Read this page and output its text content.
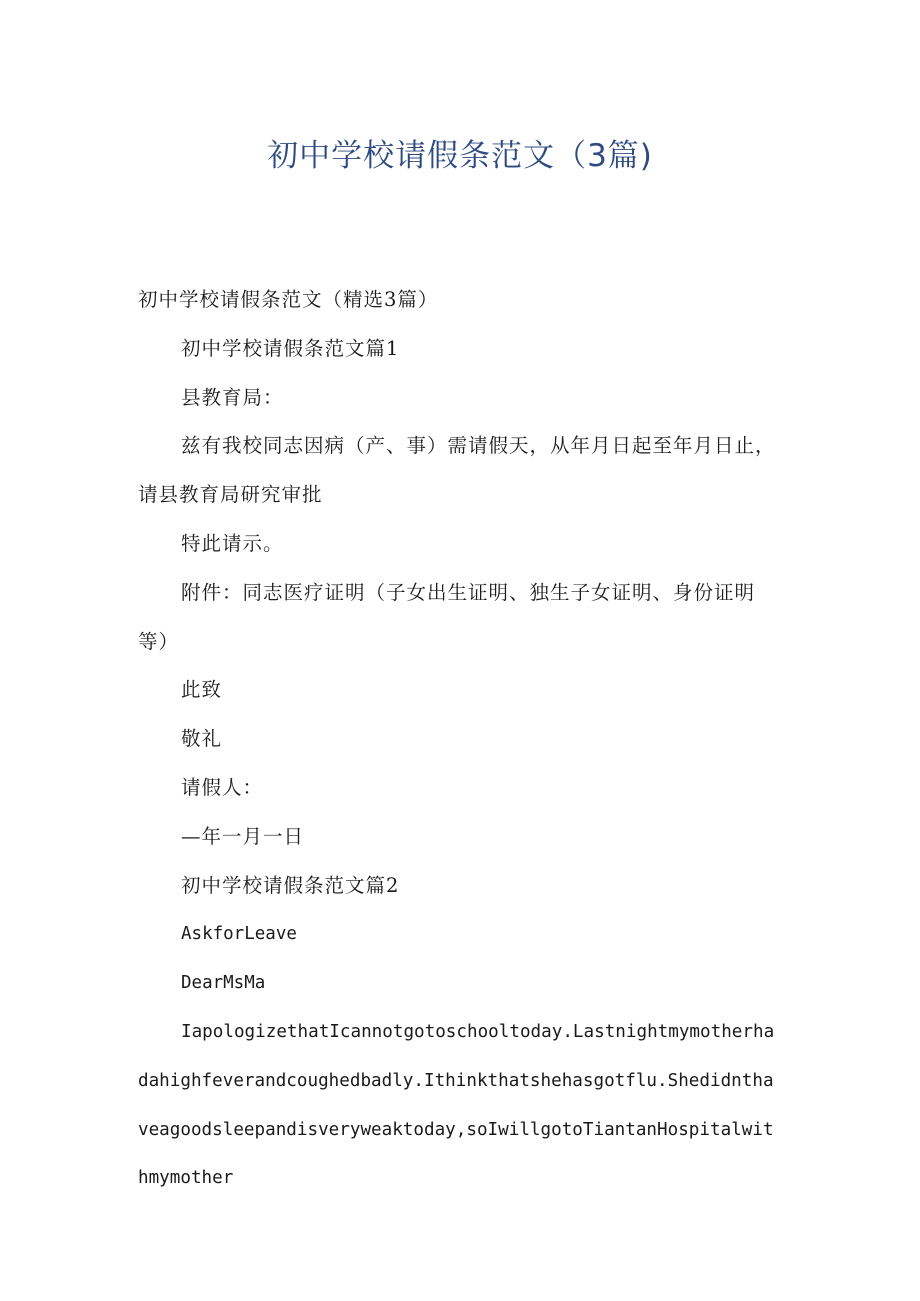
初中学校请假条范文（3篇)

初中学校请假条范文（精选3篇）

初中学校请假条范文篇1

县教育局：

兹有我校同志因病（产、事）需请假天，从年月日起至年月日止，请县教育局研究审批

特此请示。

附件：同志医疗证明（子女出生证明、独生子女证明、身份证明等）

此致

敬礼

请假人：

—年一月一日

初中学校请假条范文篇2

AskforLeave

DearMsMa

IapologizethatIcannotgotoschooltoday.Lastnightmymotherhadahighfeverandcoughedbadly.Ithinkthatshehasgotflu.Shedidnthaveagoodsleepandisveryweaktoday,soIwillgotoTiantanHospitalwithmymother
